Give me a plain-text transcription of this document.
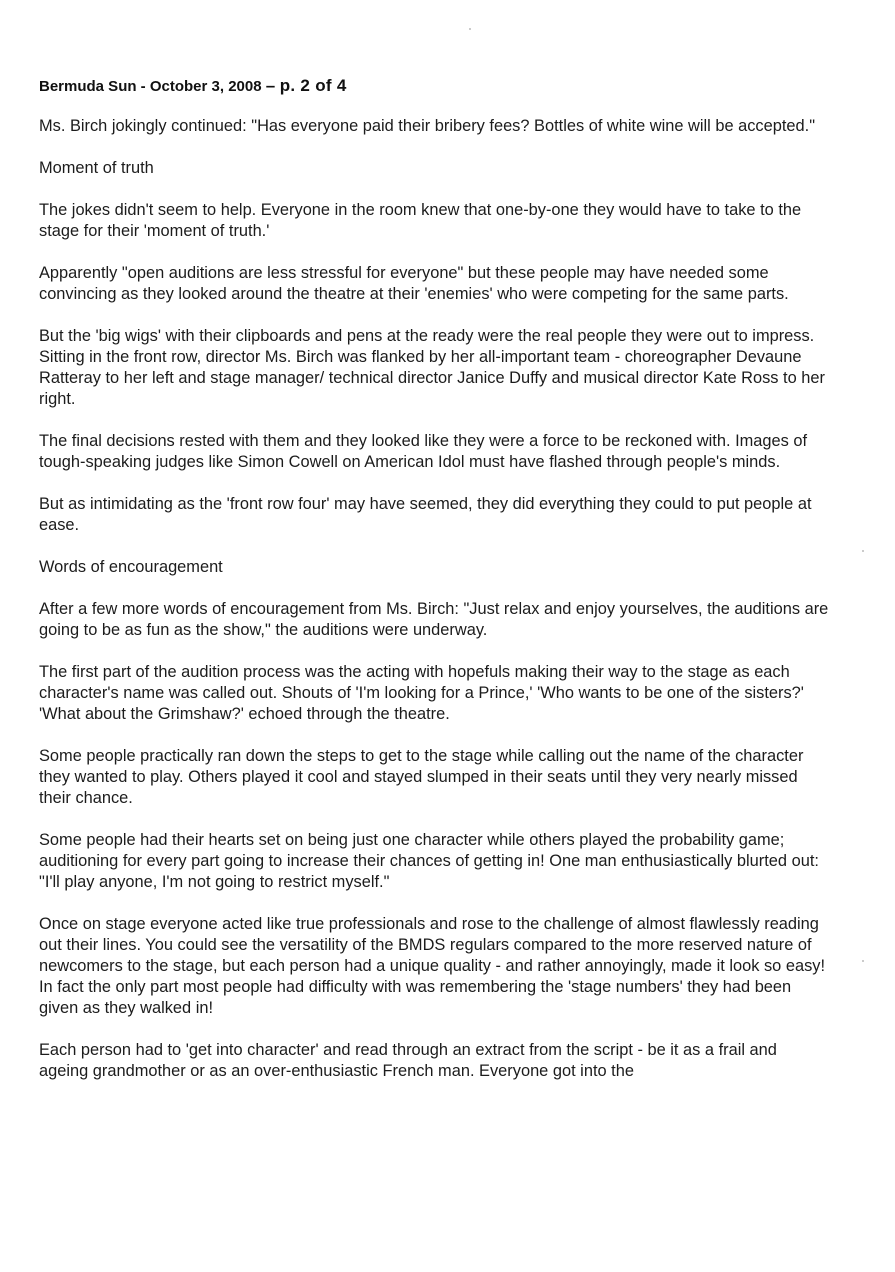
Bermuda Sun - October 3, 2008 – p. 2 of 4

Ms. Birch jokingly continued: "Has everyone paid their bribery fees? Bottles of white wine will be accepted."

Moment of truth

The jokes didn't seem to help. Everyone in the room knew that one-by-one they would have to take to the stage for their 'moment of truth.'

Apparently "open auditions are less stressful for everyone" but these people may have needed some convincing as they looked around the theatre at their 'enemies' who were competing for the same parts.

But the 'big wigs' with their clipboards and pens at the ready were the real people they were out to impress. Sitting in the front row, director Ms. Birch was flanked by her all-important team - choreographer Devaune Ratteray to her left and stage manager/ technical director Janice Duffy and musical director Kate Ross to her right.

The final decisions rested with them and they looked like they were a force to be reckoned with. Images of tough-speaking judges like Simon Cowell on American Idol must have flashed through people's minds.

But as intimidating as the 'front row four' may have seemed, they did everything they could to put people at ease.

Words of encouragement

After a few more words of encouragement from Ms. Birch: "Just relax and enjoy yourselves, the auditions are going to be as fun as the show," the auditions were underway.

The first part of the audition process was the acting with hopefuls making their way to the stage as each character's name was called out. Shouts of 'I'm looking for a Prince,' 'Who wants to be one of the sisters?' 'What about the Grimshaw?' echoed through the theatre.

Some people practically ran down the steps to get to the stage while calling out the name of the character they wanted to play. Others played it cool and stayed slumped in their seats until they very nearly missed their chance.

Some people had their hearts set on being just one character while others played the probability game; auditioning for every part going to increase their chances of getting in! One man enthusiastically blurted out: "I'll play anyone, I'm not going to restrict myself."

Once on stage everyone acted like true professionals and rose to the challenge of almost flawlessly reading out their lines. You could see the versatility of the BMDS regulars compared to the more reserved nature of newcomers to the stage, but each person had a unique quality - and rather annoyingly, made it look so easy! In fact the only part most people had difficulty with was remembering the 'stage numbers' they had been given as they walked in!

Each person had to 'get into character' and read through an extract from the script - be it as a frail and ageing grandmother or as an over-enthusiastic French man. Everyone got into the
